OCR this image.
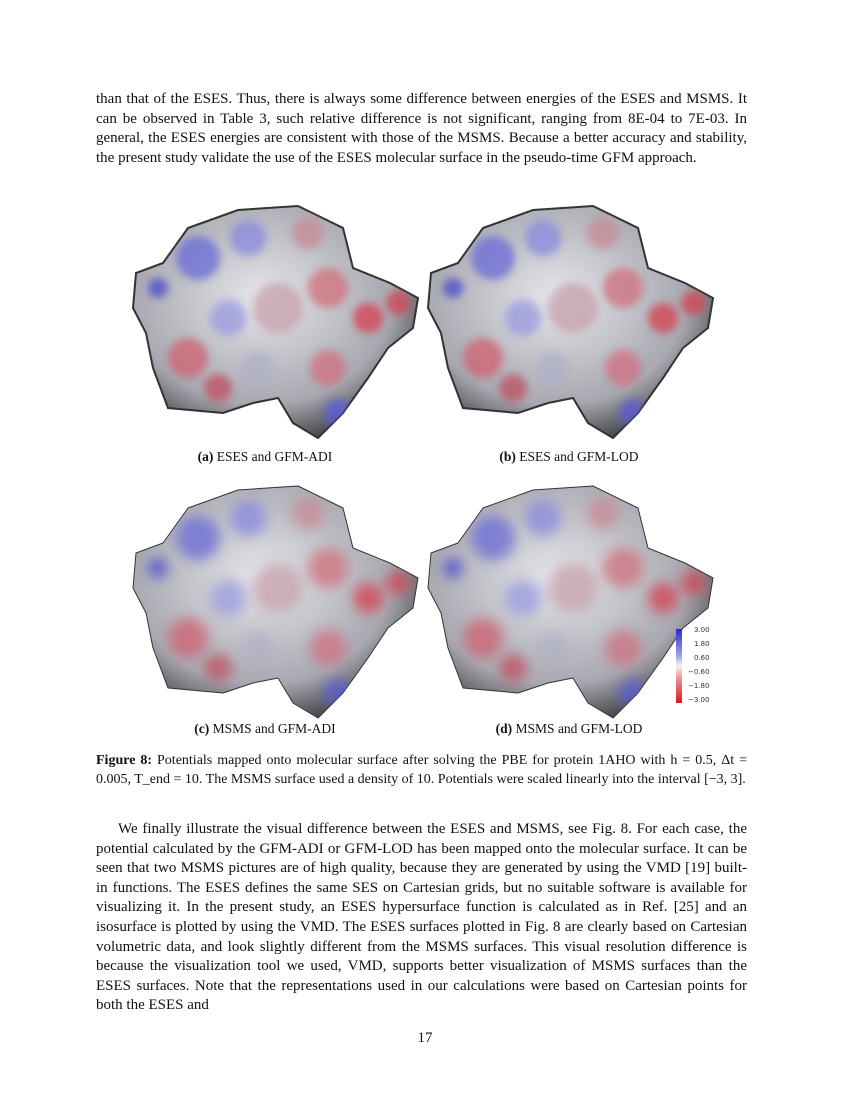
than that of the ESES. Thus, there is always some difference between energies of the ESES and MSMS. It can be observed in Table 3, such relative difference is not significant, ranging from 8E-04 to 7E-03. In general, the ESES energies are consistent with those of the MSMS. Because a better accuracy and stability, the present study validate the use of the ESES molecular surface in the pseudo-time GFM approach.
(a) ESES and GFM-ADI	(b) ESES and GFM-LOD
(c) MSMS and GFM-ADI	(d) MSMS and GFM-LOD
3.00
1.80
0.60
−0.60
−1.80
−3.00
Figure 8: Potentials mapped onto molecular surface after solving the PBE for protein 1AHO with h = 0.5, Δt = 0.005, T_end = 10. The MSMS surface used a density of 10. Potentials were scaled linearly into the interval [−3, 3].
We finally illustrate the visual difference between the ESES and MSMS, see Fig. 8. For each case, the potential calculated by the GFM-ADI or GFM-LOD has been mapped onto the molecular surface. It can be seen that two MSMS pictures are of high quality, because they are generated by using the VMD [19] built-in functions. The ESES defines the same SES on Cartesian grids, but no suitable software is available for visualizing it. In the present study, an ESES hypersurface function is calculated as in Ref. [25] and an isosurface is plotted by using the VMD. The ESES surfaces plotted in Fig. 8 are clearly based on Cartesian volumetric data, and look slightly different from the MSMS surfaces. This visual resolution difference is because the visualization tool we used, VMD, supports better visualization of MSMS surfaces than the ESES surfaces. Note that the representations used in our calculations were based on Cartesian points for both the ESES and
17
